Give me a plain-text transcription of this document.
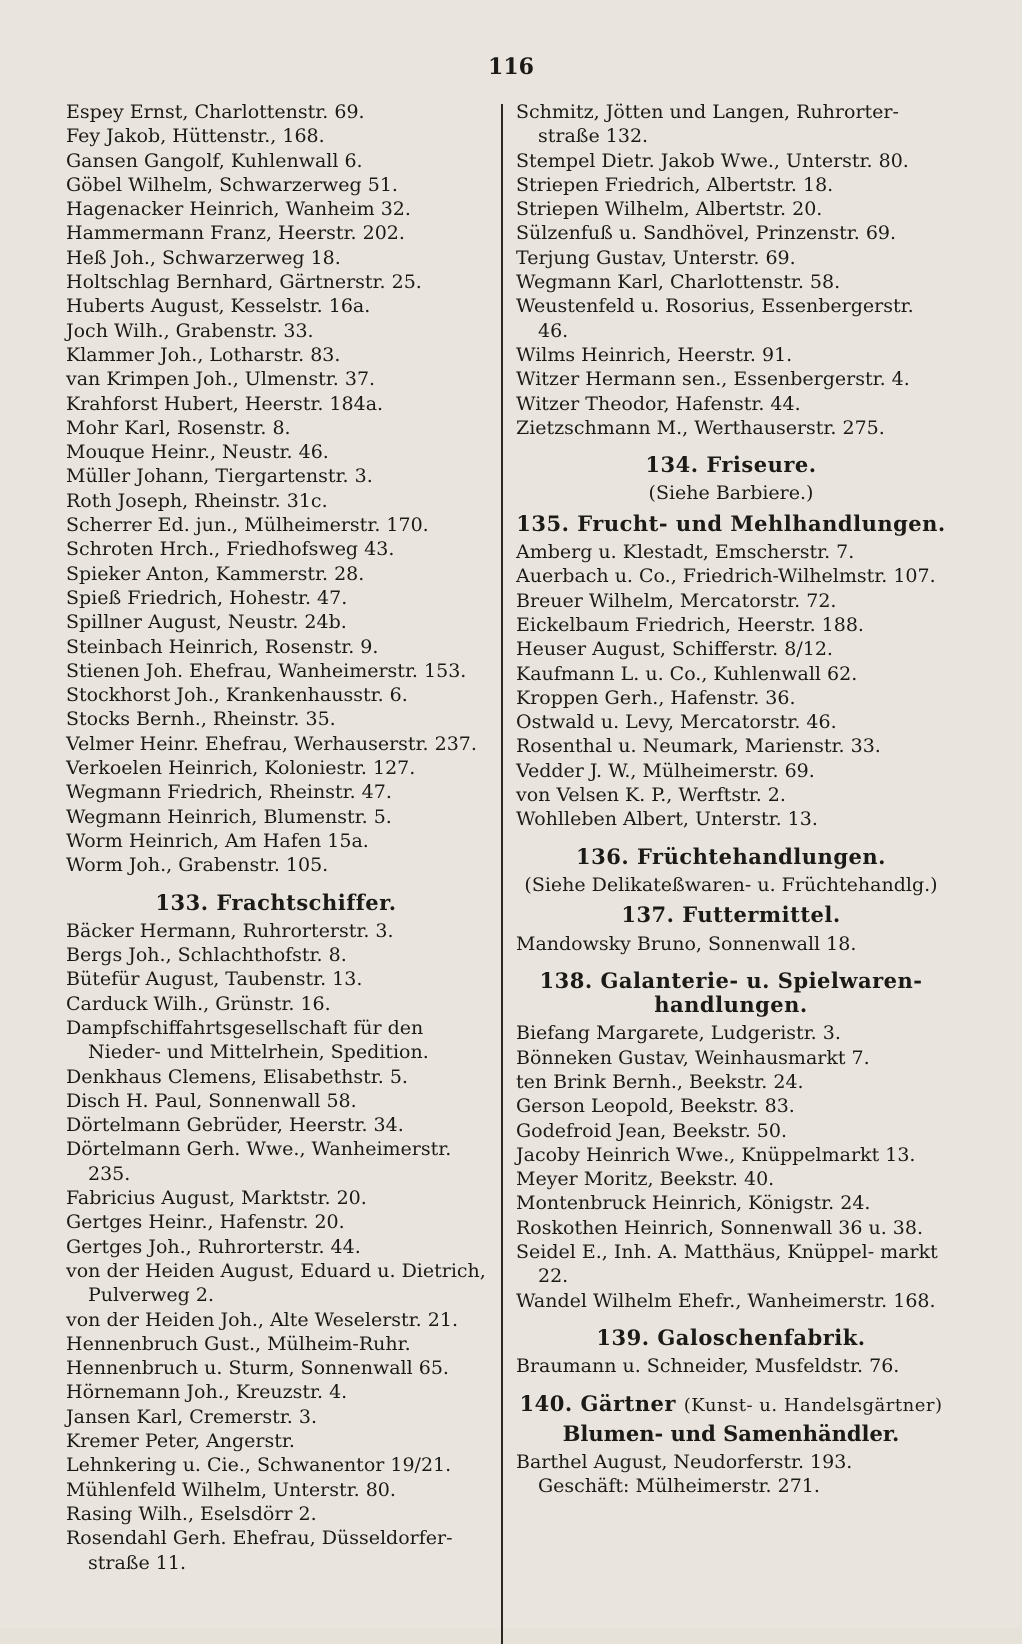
116
Espey Ernst, Charlottenstr. 69.
Fey Jakob, Hüttenstr., 168.
Gansen Gangolf, Kuhlenwall 6.
Göbel Wilhelm, Schwarzerweg 51.
Hagenacker Heinrich, Wanheim 32.
Hammermann Franz, Heerstr. 202.
Heß Joh., Schwarzerweg 18.
Holtschlag Bernhard, Gärtnerstr. 25.
Huberts August, Kesselstr. 16a.
Joch Wilh., Grabenstr. 33.
Klammer Joh., Lotharstr. 83.
van Krimpen Joh., Ulmenstr. 37.
Krahforst Hubert, Heerstr. 184a.
Mohr Karl, Rosenstr. 8.
Mouque Heinr., Neustr. 46.
Müller Johann, Tiergartenstr. 3.
Roth Joseph, Rheinstr. 31c.
Scherrer Ed. jun., Mülheimerstr. 170.
Schroten Hrch., Friedhofsweg 43.
Spieker Anton, Kammerstr. 28.
Spieß Friedrich, Hohestr. 47.
Spillner August, Neustr. 24b.
Steinbach Heinrich, Rosenstr. 9.
Stienen Joh. Ehefrau, Wanheimerstr. 153.
Stockhorst Joh., Krankenhausstr. 6.
Stocks Bernh., Rheinstr. 35.
Velmer Heinr. Ehefrau, Werhauserstr. 237.
Verkoelen Heinrich, Koloniestr. 127.
Wegmann Friedrich, Rheinstr. 47.
Wegmann Heinrich, Blumenstr. 5.
Worm Heinrich, Am Hafen 15a.
Worm Joh., Grabenstr. 105.
133. Frachtschiffer.
Bäcker Hermann, Ruhrorterstr. 3.
Bergs Joh., Schlachthofstr. 8.
Bütefür August, Taubenstr. 13.
Carduck Wilh., Grünstr. 16.
Dampfschiffahrtsgesellschaft für den Nieder- und Mittelrhein, Spedition.
Denkhaus Clemens, Elisabethstr. 5.
Disch H. Paul, Sonnenwall 58.
Dörtelmann Gebrüder, Heerstr. 34.
Dörtelmann Gerh. Wwe., Wanheimerstr. 235.
Fabricius August, Marktstr. 20.
Gertges Heinr., Hafenstr. 20.
Gertges Joh., Ruhrorterstr. 44.
von der Heiden August, Eduard u. Dietrich, Pulverweg 2.
von der Heiden Joh., Alte Weselerstr. 21.
Hennenbruch Gust., Mülheim-Ruhr.
Hennenbruch u. Sturm, Sonnenwall 65.
Hörnemann Joh., Kreuzstr. 4.
Jansen Karl, Cremerstr. 3.
Kremer Peter, Angerstr.
Lehnkering u. Cie., Schwanentor 19/21.
Mühlenfeld Wilhelm, Unterstr. 80.
Rasing Wilh., Eselsdörr 2.
Rosendahl Gerh. Ehefrau, Düsseldorfer- straße 11.
Schmitz, Jötten und Langen, Ruhrorter- straße 132.
Stempel Dietr. Jakob Wwe., Unterstr. 80.
Striepen Friedrich, Albertstr. 18.
Striepen Wilhelm, Albertstr. 20.
Sülzenfuß u. Sandhövel, Prinzenstr. 69.
Terjung Gustav, Unterstr. 69.
Wegmann Karl, Charlottenstr. 58.
Weustenfeld u. Rosorius, Essenbergerstr. 46.
Wilms Heinrich, Heerstr. 91.
Witzer Hermann sen., Essenbergerstr. 4.
Witzer Theodor, Hafenstr. 44.
Zietzschmann M., Werthauserstr. 275.
134. Friseure.
(Siehe Barbiere.)
135. Frucht- und Mehlhandlungen.
Amberg u. Klestadt, Emscherstr. 7.
Auerbach u. Co., Friedrich-Wilhelmstr. 107.
Breuer Wilhelm, Mercatorstr. 72.
Eickelbaum Friedrich, Heerstr. 188.
Heuser August, Schifferstr. 8/12.
Kaufmann L. u. Co., Kuhlenwall 62.
Kroppen Gerh., Hafenstr. 36.
Ostwald u. Levy, Mercatorstr. 46.
Rosenthal u. Neumark, Marienstr. 33.
Vedder J. W., Mülheimerstr. 69.
von Velsen K. P., Werftstr. 2.
Wohlleben Albert, Unterstr. 13.
136. Früchtehandlungen.
(Siehe Delikateßwaren- u. Früchtehandlg.)
137. Futtermittel.
Mandowsky Bruno, Sonnenwall 18.
138. Galanterie- u. Spielwaren- handlungen.
Biefang Margarete, Ludgeristr. 3.
Bönneken Gustav, Weinhausmarkt 7.
ten Brink Bernh., Beekstr. 24.
Gerson Leopold, Beekstr. 83.
Godefroid Jean, Beekstr. 50.
Jacoby Heinrich Wwe., Knüppelmarkt 13.
Meyer Moritz, Beekstr. 40.
Montenbruck Heinrich, Königstr. 24.
Roskothen Heinrich, Sonnenwall 36 u. 38.
Seidel E., Inh. A. Matthäus, Knüppel- markt 22.
Wandel Wilhelm Ehefr., Wanheimerstr. 168.
139. Galoschenfabrik.
Braumann u. Schneider, Musfeldstr. 76.
140. Gärtner (Kunst- u. Handelsgärtner)
Blumen- und Samenhändler.
Barthel August, Neudorferstr. 193. Geschäft: Mülheimerstr. 271.
